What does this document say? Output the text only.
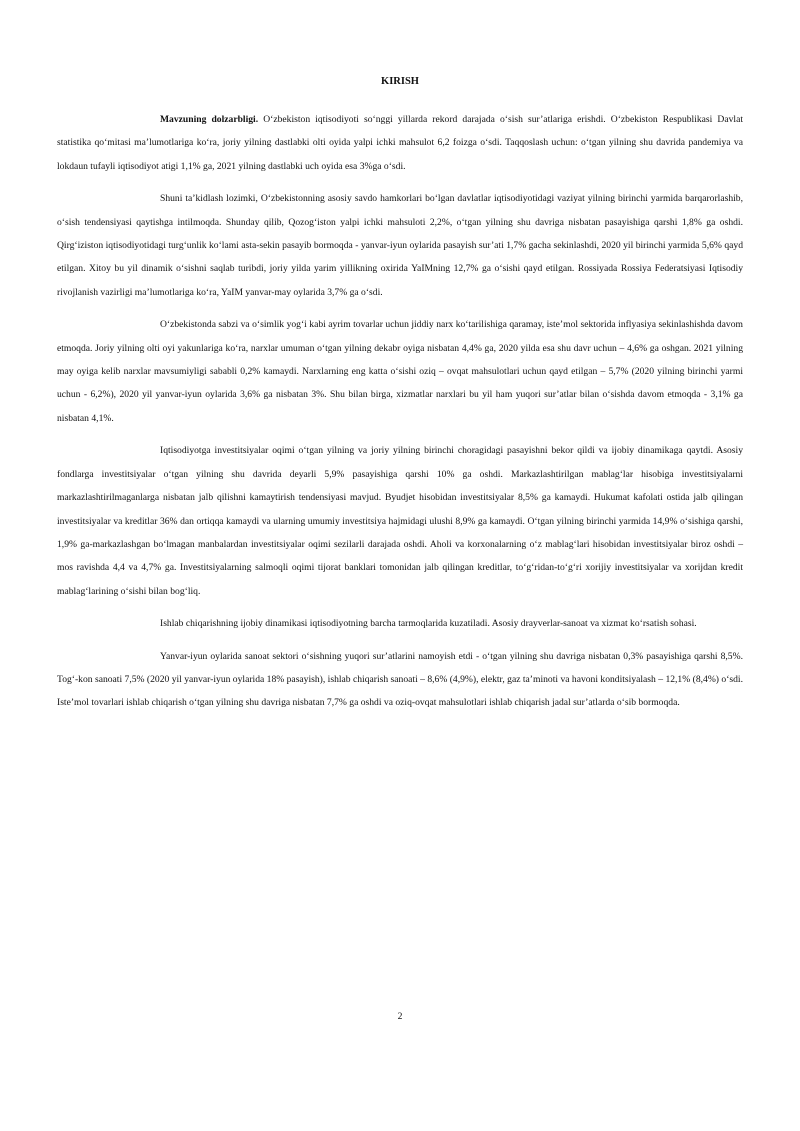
KIRISH

Mavzuning dolzarbligi. O‘zbekiston iqtisodiyoti so‘nggi yillarda rekord darajada o‘sish sur’atlariga erishdi. O‘zbekiston Respublikasi Davlat statistika qo‘mitasi ma’lumotlariga ko‘ra, joriy yilning dastlabki olti oyida yalpi ichki mahsulot 6,2 foizga o‘sdi. Taqqoslash uchun: o‘tgan yilning shu davrida pandemiya va lokdaun tufayli iqtisodiyot atigi 1,1% ga, 2021 yilning dastlabki uch oyida esa 3%ga o‘sdi.

Shuni ta’kidlash lozimki, O‘zbekistonning asosiy savdo hamkorlari bo‘lgan davlatlar iqtisodiyotidagi vaziyat yilning birinchi yarmida barqarorlashib, o‘sish tendensiyasi qaytishga intilmoqda. Shunday qilib, Qozog‘iston yalpi ichki mahsuloti 2,2%, o‘tgan yilning shu davriga nisbatan pasayishiga qarshi 1,8% ga oshdi. Qirg‘iziston iqtisodiyotidagi turg‘unlik ko‘lami asta-sekin pasayib bormoqda - yanvar-iyun oylarida pasayish sur’ati 1,7% gacha sekinlashdi, 2020 yil birinchi yarmida 5,6% qayd etilgan. Xitoy bu yil dinamik o‘sishni saqlab turibdi, joriy yilda yarim yillikning oxirida YaIMning 12,7% ga o‘sishi qayd etilgan. Rossiyada Rossiya Federatsiyasi Iqtisodiy rivojlanish vazirligi ma’lumotlariga ko‘ra, YaIM yanvar-may oylarida 3,7% ga o‘sdi.

O‘zbekistonda sabzi va o‘simlik yog‘i kabi ayrim tovarlar uchun jiddiy narx ko‘tarilishiga qaramay, iste’mol sektorida inflyasiya sekinlashishda davom etmoqda. Joriy yilning olti oyi yakunlariga ko‘ra, narxlar umuman o‘tgan yilning dekabr oyiga nisbatan 4,4% ga, 2020 yilda esa shu davr uchun – 4,6% ga oshgan. 2021 yilning may oyiga kelib narxlar mavsumiyligi sababli 0,2% kamaydi. Narxlarning eng katta o‘sishi oziq – ovqat mahsulotlari uchun qayd etilgan – 5,7% (2020 yilning birinchi yarmi uchun - 6,2%), 2020 yil yanvar-iyun oylarida 3,6% ga nisbatan 3%. Shu bilan birga, xizmatlar narxlari bu yil ham yuqori sur’atlar bilan o‘sishda davom etmoqda - 3,1% ga nisbatan 4,1%.

Iqtisodiyotga investitsiyalar oqimi o‘tgan yilning va joriy yilning birinchi choragidagi pasayishni bekor qildi va ijobiy dinamikaga qaytdi. Asosiy fondlarga investitsiyalar o‘tgan yilning shu davrida deyarli 5,9% pasayishiga qarshi 10% ga oshdi. Markazlashtirilgan mablag‘lar hisobiga investitsiyalarni markazlashtirilmaganlarga nisbatan jalb qilishni kamaytirish tendensiyasi mavjud. Byudjet hisobidan investitsiyalar 8,5% ga kamaydi. Hukumat kafolati ostida jalb qilingan investitsiyalar va kreditlar 36% dan ortiqqa kamaydi va ularning umumiy investitsiya hajmidagi ulushi 8,9% ga kamaydi. O‘tgan yilning birinchi yarmida 14,9% o‘sishiga qarshi, 1,9% ga-markazlashgan bo‘lmagan manbalardan investitsiyalar oqimi sezilarli darajada oshdi. Aholi va korxonalarning o‘z mablag‘lari hisobidan investitsiyalar biroz oshdi – mos ravishda 4,4 va 4,7% ga. Investitsiyalarning salmoqli oqimi tijorat banklari tomonidan jalb qilingan kreditlar, to‘g‘ridan-to‘g‘ri xorijiy investitsiyalar va xorijdan kredit mablag‘larining o‘sishi bilan bog‘liq.

Ishlab chiqarishning ijobiy dinamikasi iqtisodiyotning barcha tarmoqlarida kuzatiladi. Asosiy drayverlar-sanoat va xizmat ko‘rsatish sohasi.

Yanvar-iyun oylarida sanoat sektori o‘sishning yuqori sur’atlarini namoyish etdi - o‘tgan yilning shu davriga nisbatan 0,3% pasayishiga qarshi 8,5%. Tog‘-kon sanoati 7,5% (2020 yil yanvar-iyun oylarida 18% pasayish), ishlab chiqarish sanoati – 8,6% (4,9%), elektr, gaz ta’minoti va havoni konditsiyalash – 12,1% (8,4%) o‘sdi. Iste’mol tovarlari ishlab chiqarish o‘tgan yilning shu davriga nisbatan 7,7% ga oshdi va oziq-ovqat mahsulotlari ishlab chiqarish jadal sur’atlarda o‘sib bormoqda.

2
